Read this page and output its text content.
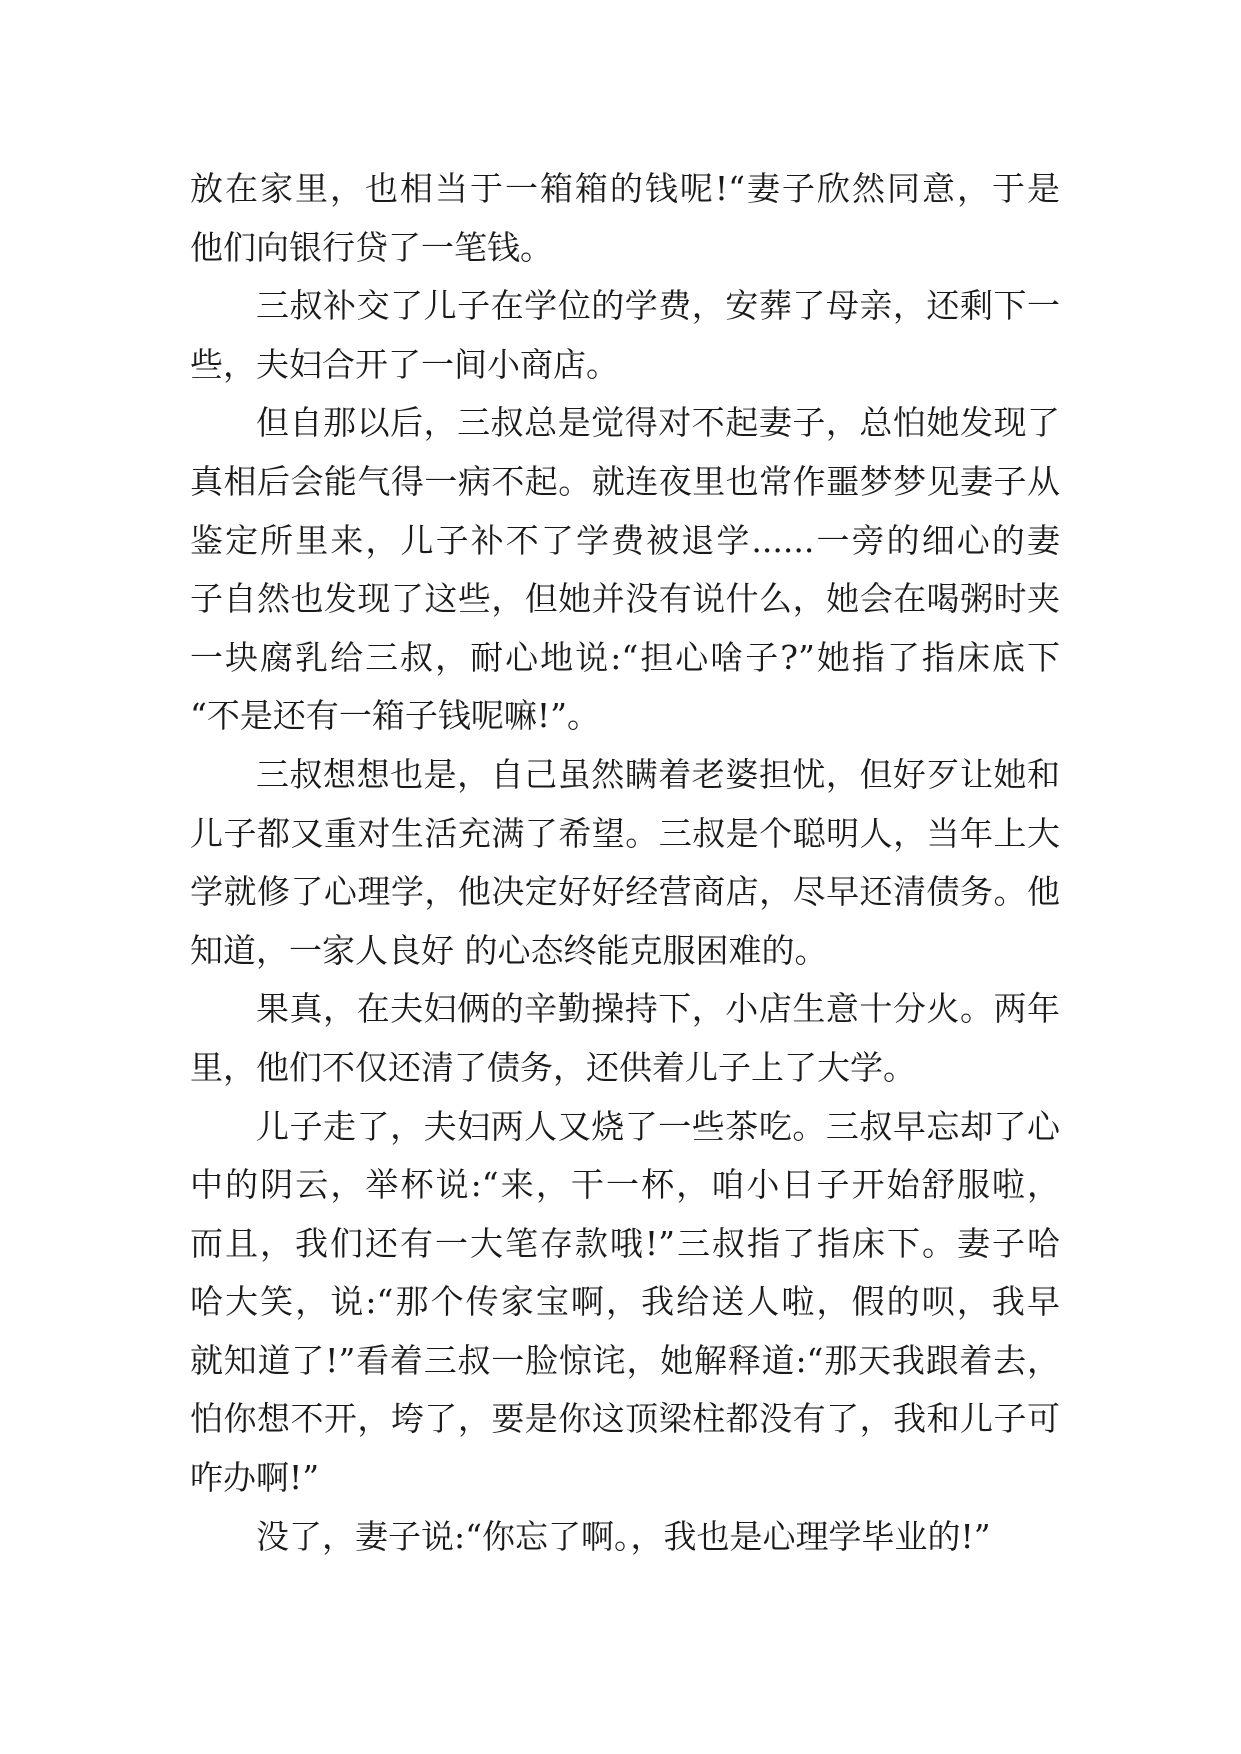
放在家里，也相当于一箱箱的钱呢!“妻子欣然同意，于是
他们向银行贷了一笔钱。
三叔补交了儿子在学位的学费，安葬了母亲，还剩下一
些，夫妇合开了一间小商店。
但自那以后，三叔总是觉得对不起妻子，总怕她发现了
真相后会能气得一病不起。就连夜里也常作噩梦梦见妻子从
鉴定所里来，儿子补不了学费被退学......一旁的细心的妻
子自然也发现了这些，但她并没有说什么，她会在喝粥时夹
一块腐乳给三叔，耐心地说:“担心啥子?”她指了指床底下
“不是还有一箱子钱呢嘛!”。
三叔想想也是，自己虽然瞒着老婆担忧，但好歹让她和
儿子都又重对生活充满了希望。三叔是个聪明人，当年上大
学就修了心理学，他决定好好经营商店，尽早还清债务。他
知道，一家人良好 的心态终能克服困难的。
果真，在夫妇俩的辛勤操持下，小店生意十分火。两年
里，他们不仅还清了债务，还供着儿子上了大学。
儿子走了，夫妇两人又烧了一些茶吃。三叔早忘却了心
中的阴云，举杯说:“来，干一杯，咱小日子开始舒服啦，
而且，我们还有一大笔存款哦!”三叔指了指床下。妻子哈
哈大笑，说:“那个传家宝啊，我给送人啦，假的呗，我早
就知道了!”看着三叔一脸惊诧，她解释道:“那天我跟着去，
怕你想不开，垮了，要是你这顶梁柱都没有了，我和儿子可
咋办啊!”
没了，妻子说:“你忘了啊。，我也是心理学毕业的!”
